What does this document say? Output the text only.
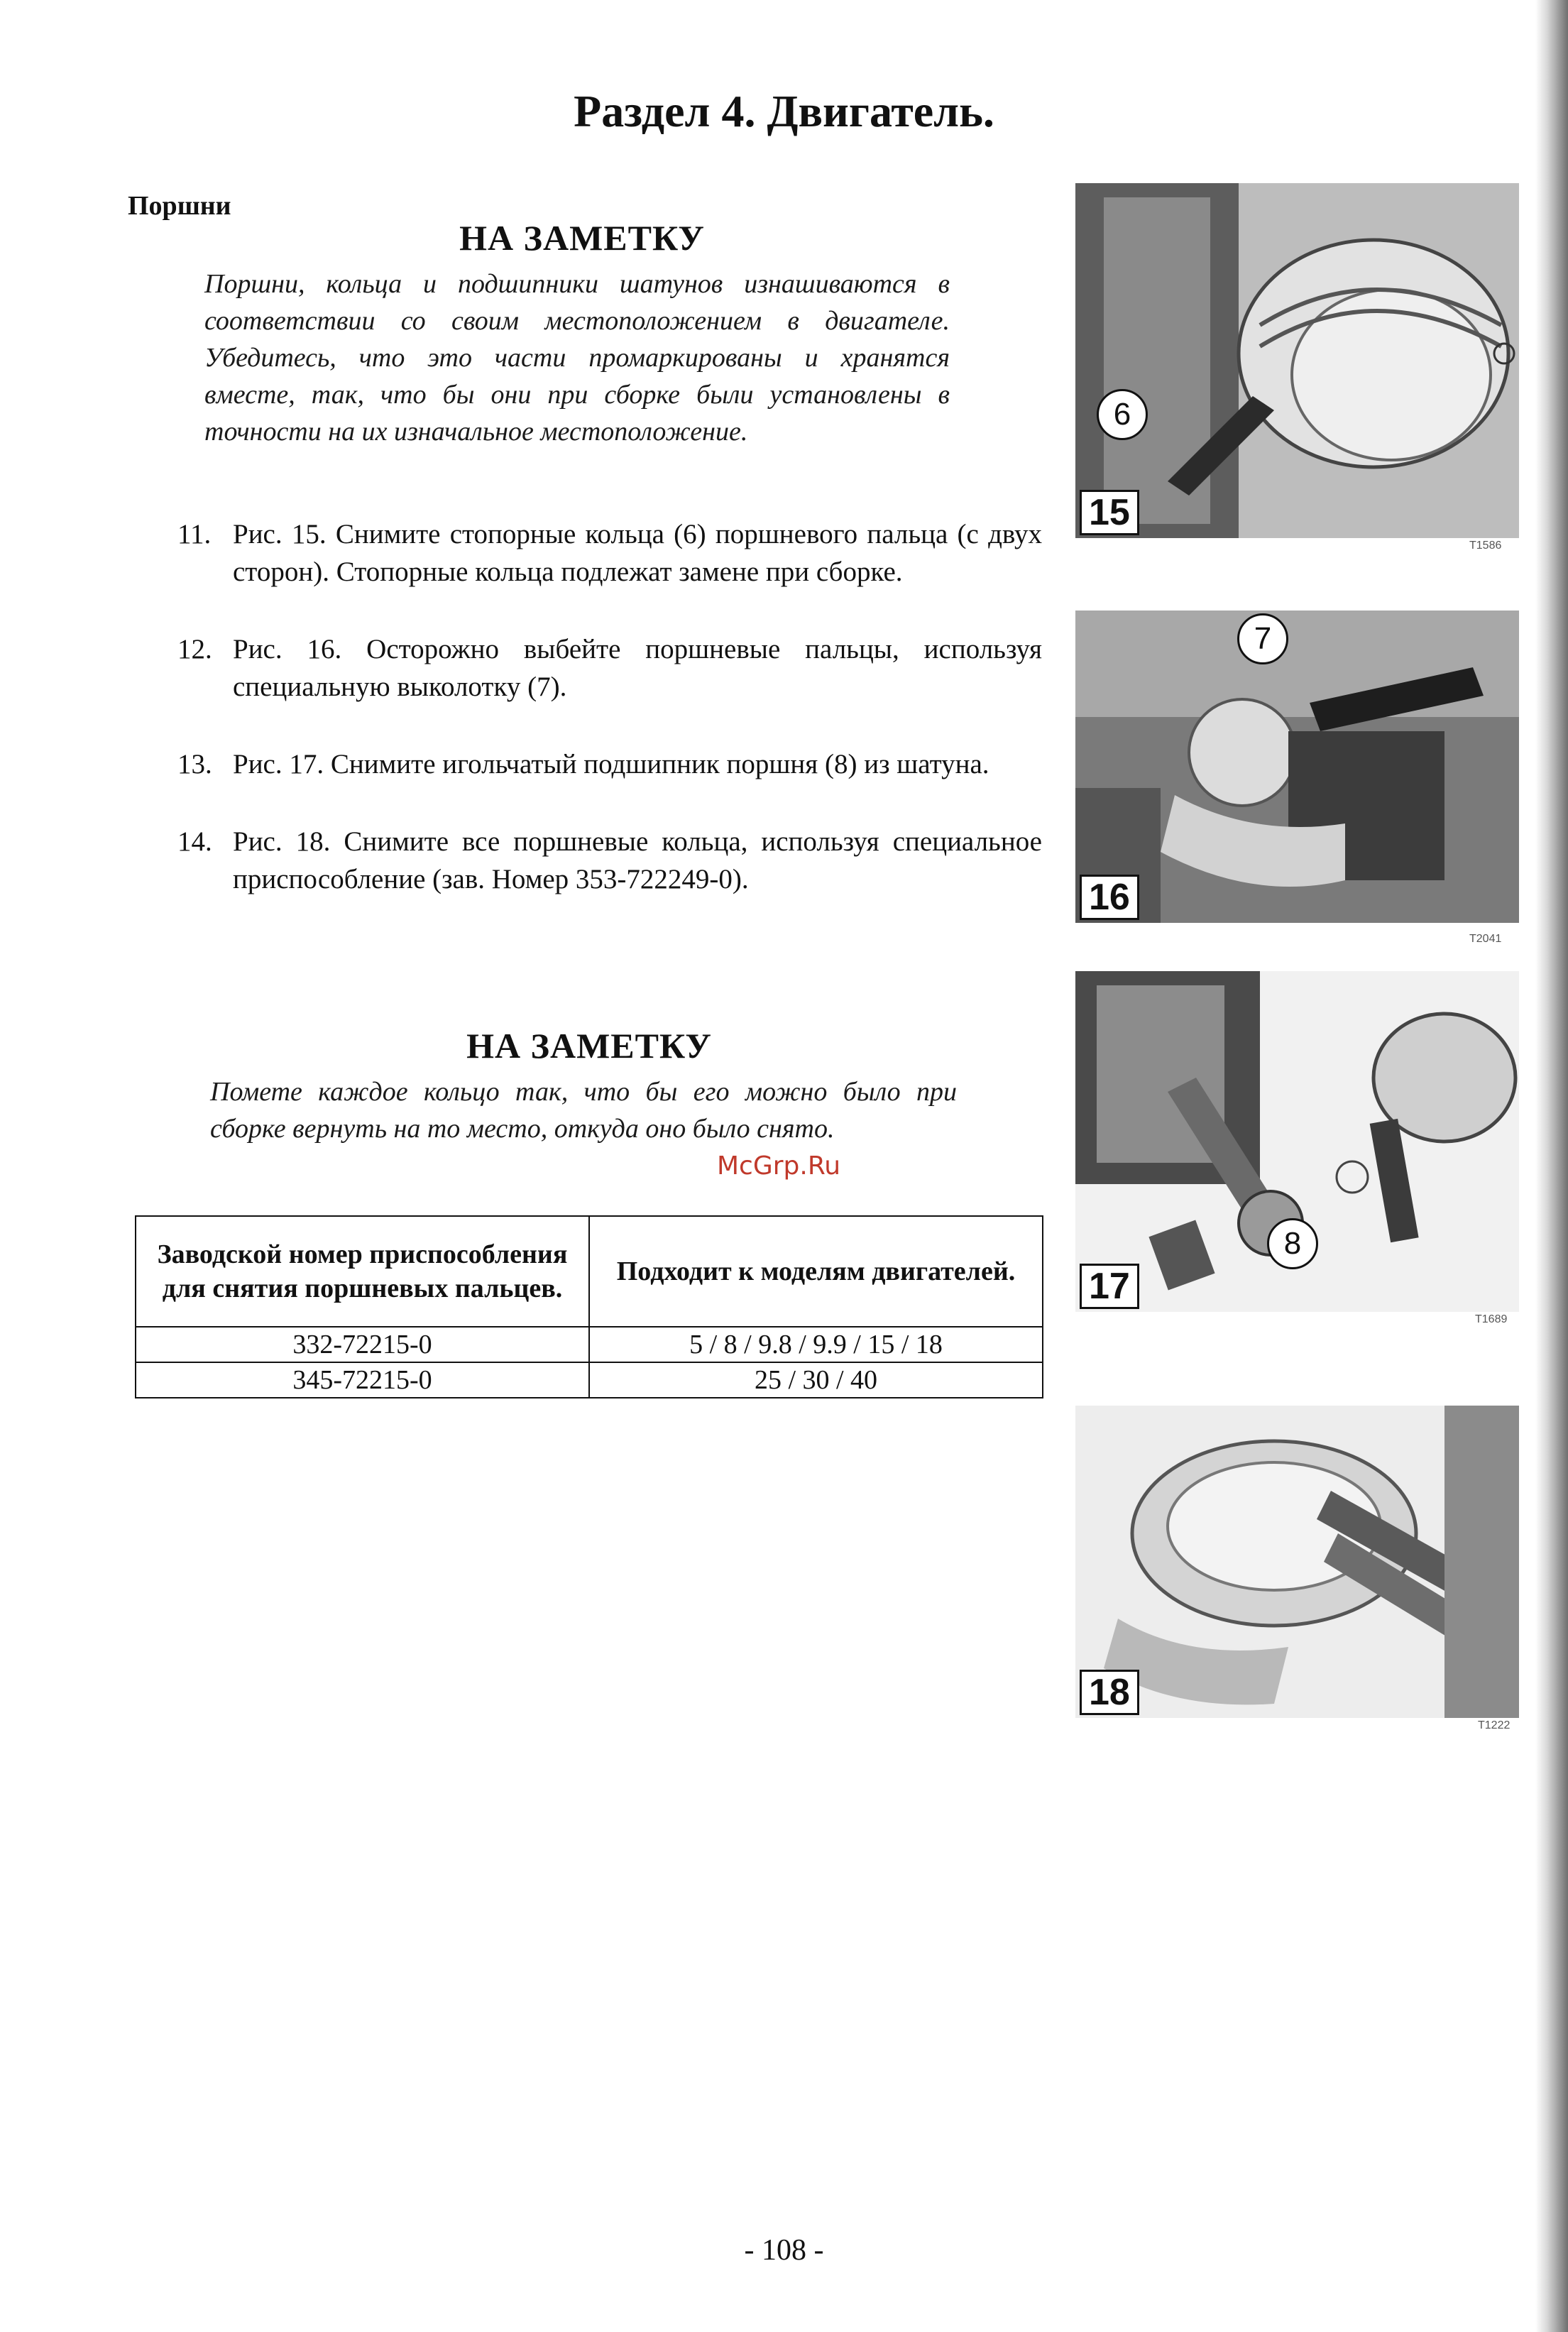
Раздел 4. Двигатель.
Поршни
НА ЗАМЕТКУ
Поршни, кольца и подшипники шатунов изнашиваются в соответствии со своим местоположением в двигателе. Убедитесь, что это части промаркированы и хранятся вместе, так, что бы они при сборке были установлены в точности на их изначальное местоположение.
11. Рис. 15. Снимите стопорные кольца (6) поршневого пальца (с двух сторон). Стопорные кольца подлежат замене при сборке.
12. Рис. 16. Осторожно выбейте поршневые пальцы, используя специальную выколотку (7).
13. Рис. 17. Снимите игольчатый подшипник поршня (8) из шатуна.
14. Рис. 18. Снимите все поршневые кольца, используя специальное приспособление (зав. Номер 353-722249-0).
НА ЗАМЕТКУ
Пометe каждое кольцо так, что бы его можно было при сборке вернуть на то место, откуда оно было снято.
McGrp.Ru
Заводской номер приспособления для снятия поршневых пальцев.	Подходит к моделям двигателей.
332-72215-0	5 / 8 / 9.8 / 9.9 / 15 / 18
345-72215-0	25 / 30 / 40
6
15
T1586
7
16
T2041
8
17
T1689
18
T1222
- 108 -
